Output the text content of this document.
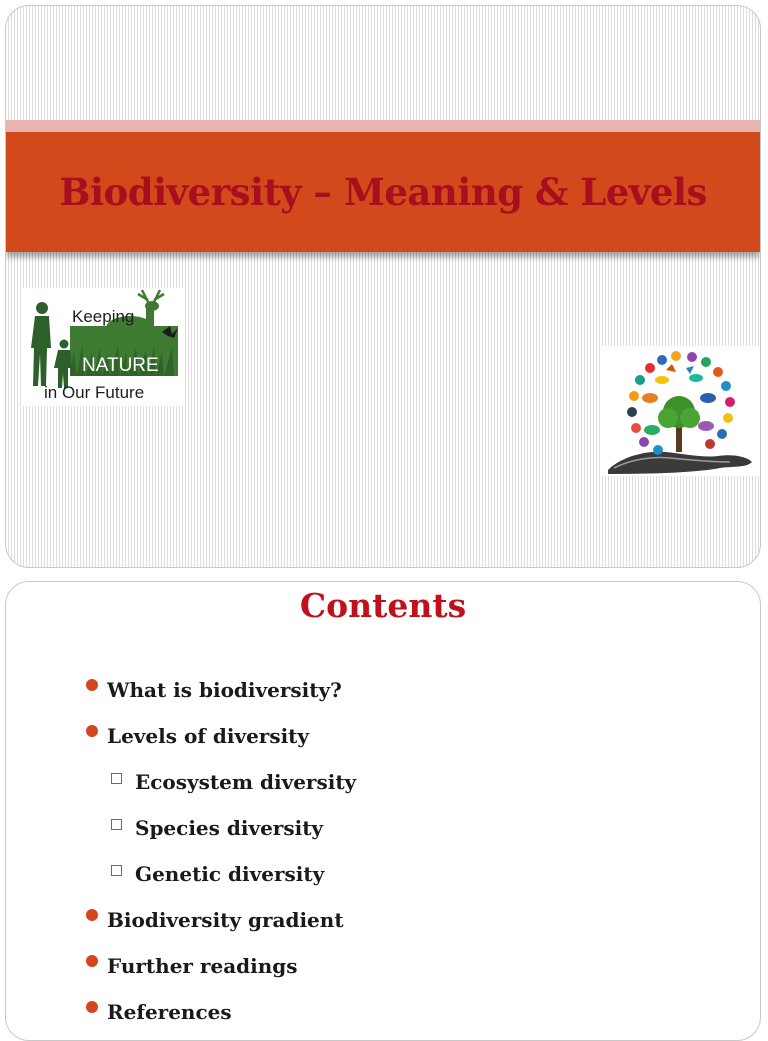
Biodiversity – Meaning & Levels
Keeping
NATURE
in Our Future
Contents
What is biodiversity?
Levels of diversity
Ecosystem diversity
Species diversity
Genetic diversity
Biodiversity gradient
Further readings
References
